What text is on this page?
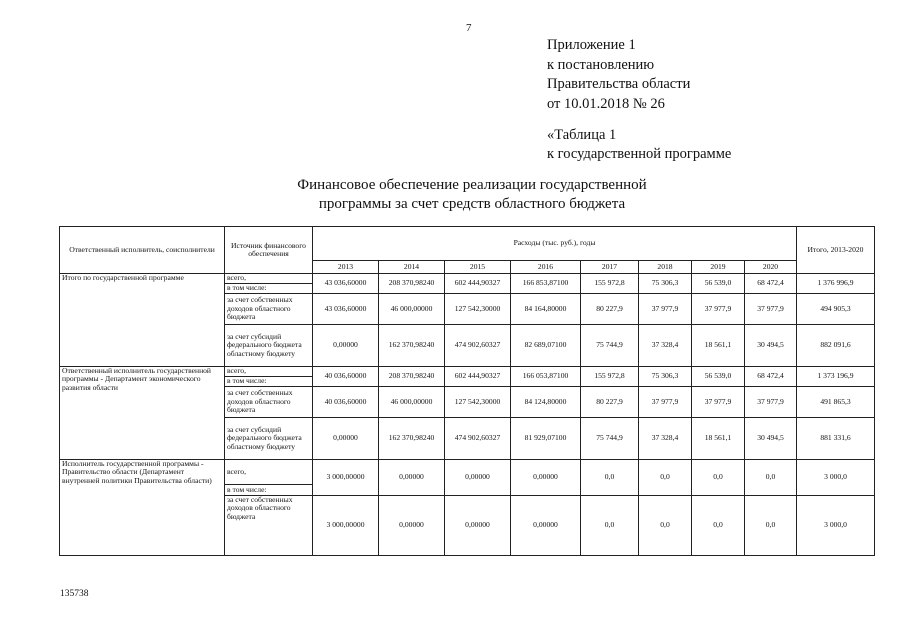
7
Приложение 1
к постановлению
Правительства области
от 10.01.2018 № 26
«Таблица 1
к государственной программе
Финансовое обеспечение реализации государственной
программы за счет средств областного бюджета
Ответственный исполнитель, соисполнители	Источник финансового обеспечения	Расходы (тыс. руб.), годы								Итого, 2013-2020
		2013	2014	2015	2016	2017	2018	2019	2020	
Итого по государственной программе	всего,	43 036,60000	208 370,98240	602 444,90327	166 853,87100	155 972,8	75 306,3	56 539,0	68 472,4	1 376 996,9
	в том числе:									
	за счет собственных доходов областного бюджета	43 036,60000	46 000,00000	127 542,30000	84 164,80000	80 227,9	37 977,9	37 977,9	37 977,9	494 905,3
	за счет субсидий федерального бюджета областному бюджету	0,00000	162 370,98240	474 902,60327	82 689,07100	75 744,9	37 328,4	18 561,1	30 494,5	882 091,6
Ответственный исполнитель государственной программы - Департамент экономического развития области	всего,	40 036,60000	208 370,98240	602 444,90327	166 053,87100	155 972,8	75 306,3	56 539,0	68 472,4	1 373 196,9
	в том числе:									
	за счет собственных доходов областного бюджета	40 036,60000	46 000,00000	127 542,30000	84 124,80000	80 227,9	37 977,9	37 977,9	37 977,9	491 865,3
	за счет субсидий федерального бюджета областному бюджету	0,00000	162 370,98240	474 902,60327	81 929,07100	75 744,9	37 328,4	18 561,1	30 494,5	881 331,6
Исполнитель государственной программы - Правительство области (Департамент внутренней политики Правительства области)	всего,	3 000,00000	0,00000	0,00000	0,00000	0,0	0,0	0,0	0,0	3 000,0
	в том числе:									
	за счет собственных доходов областного бюджета	3 000,00000	0,00000	0,00000	0,00000	0,0	0,0	0,0	0,0	3 000,0
135738
